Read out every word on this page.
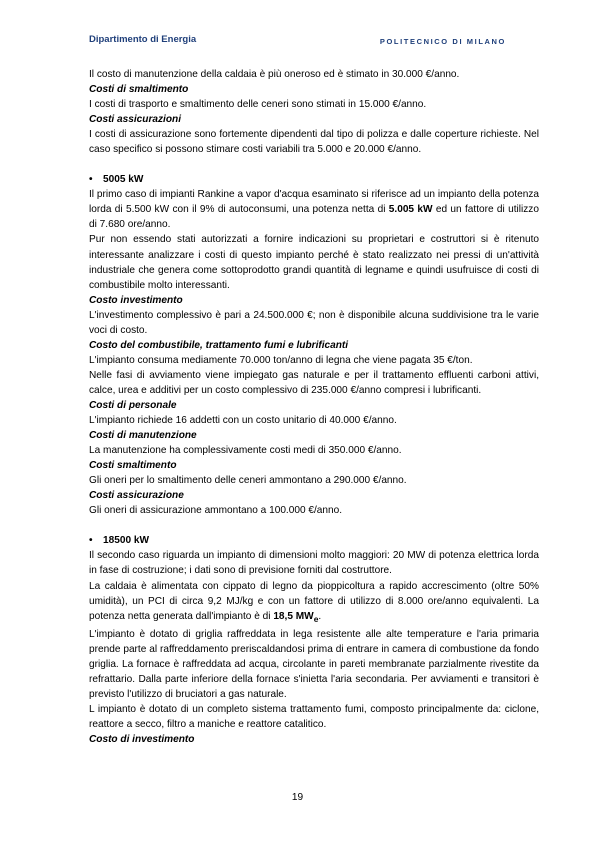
Dipartimento di Energia	POLITECNICO DI MILANO

Il costo di manutenzione della caldaia è più oneroso ed è stimato in 30.000 €/anno.

Costi di smaltimento

I costi di trasporto e smaltimento delle ceneri sono stimati in 15.000 €/anno.

Costi assicurazioni

I costi di assicurazione sono fortemente dipendenti dal tipo di polizza e dalle coperture richieste. Nel caso specifico si possono stimare costi variabili tra 5.000 e 20.000 €/anno.

• 5005 kW

Il primo caso di impianti Rankine a vapor d'acqua esaminato si riferisce ad un impianto della potenza lorda di 5.500 kW con il 9% di autoconsumi, una potenza netta di 5.005 kW ed un fattore di utilizzo di 7.680 ore/anno.

Pur non essendo stati autorizzati a fornire indicazioni su proprietari e costruttori si è ritenuto interessante analizzare i costi di questo impianto perché è stato realizzato nei pressi di un'attività industriale che genera come sottoprodotto grandi quantità di legname e quindi usufruisce di costi di combustibile molto interessanti.

Costo investimento

L'investimento complessivo è pari a 24.500.000 €; non è disponibile alcuna suddivisione tra le varie voci di costo.

Costo del combustibile, trattamento fumi e lubrificanti

L'impianto consuma mediamente 70.000 ton/anno di legna che viene pagata 35 €/ton.

Nelle fasi di avviamento viene impiegato gas naturale e per il trattamento effluenti carboni attivi, calce, urea e additivi per un costo complessivo di 235.000 €/anno compresi i lubrificanti.

Costi di personale

L'impianto richiede 16 addetti con un costo unitario di 40.000 €/anno.

Costi di manutenzione

La manutenzione ha complessivamente costi medi di 350.000 €/anno.

Costi smaltimento

Gli oneri per lo smaltimento delle ceneri ammontano a 290.000 €/anno.

Costi assicurazione

Gli oneri di assicurazione ammontano a 100.000 €/anno.

• 18500 kW

Il secondo caso riguarda un impianto di dimensioni molto maggiori: 20 MW di potenza elettrica lorda in fase di costruzione; i dati sono di previsione forniti dal costruttore.

La caldaia è alimentata con cippato di legno da pioppicoltura a rapido accrescimento (oltre 50% umidità), un PCI di circa 9,2 MJ/kg e con un fattore di utilizzo di 8.000 ore/anno equivalenti. La potenza netta generata dall'impianto è di 18,5 $MW_e$.

L'impianto è dotato di griglia raffreddata in lega resistente alle alte temperature e l'aria primaria prende parte al raffreddamento preriscaldandosi prima di entrare in camera di combustione da fondo griglia. La fornace è raffreddata ad acqua, circolante in pareti membranate parzialmente rivestite da refrattario. Dalla parte inferiore della fornace s'inietta l'aria secondaria. Per avviamenti e transitori è previsto l'utilizzo di bruciatori a gas naturale.

L impianto è dotato di un completo sistema trattamento fumi, composto principalmente da: ciclone, reattore a secco, filtro a maniche e reattore catalitico.

Costo di investimento

19
